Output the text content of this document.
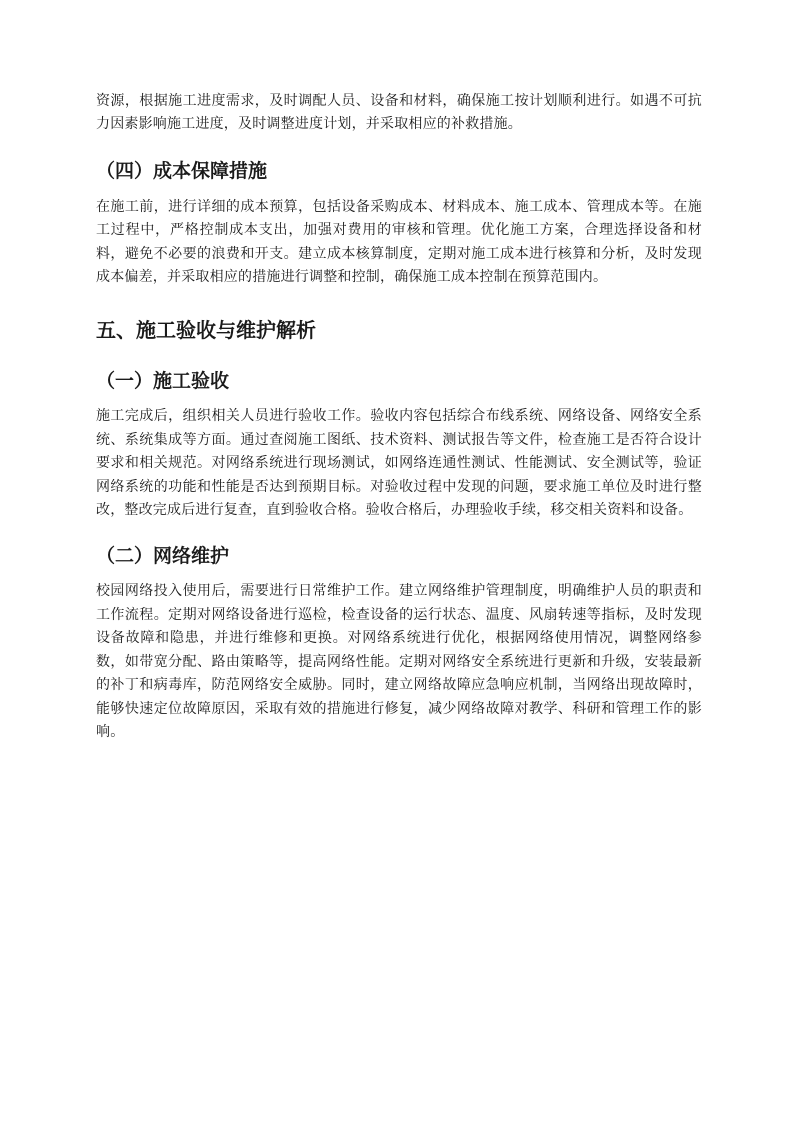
资源，根据施工进度需求，及时调配人员、设备和材料，确保施工按计划顺利进行。如遇不可抗力因素影响施工进度，及时调整进度计划，并采取相应的补救措施。

（四）成本保障措施

在施工前，进行详细的成本预算，包括设备采购成本、材料成本、施工成本、管理成本等。在施工过程中，严格控制成本支出，加强对费用的审核和管理。优化施工方案，合理选择设备和材料，避免不必要的浪费和开支。建立成本核算制度，定期对施工成本进行核算和分析，及时发现成本偏差，并采取相应的措施进行调整和控制，确保施工成本控制在预算范围内。

五、施工验收与维护解析
（一）施工验收

施工完成后，组织相关人员进行验收工作。验收内容包括综合布线系统、网络设备、网络安全系统、系统集成等方面。通过查阅施工图纸、技术资料、测试报告等文件，检查施工是否符合设计要求和相关规范。对网络系统进行现场测试，如网络连通性测试、性能测试、安全测试等，验证网络系统的功能和性能是否达到预期目标。对验收过程中发现的问题，要求施工单位及时进行整改，整改完成后进行复查，直到验收合格。验收合格后，办理验收手续，移交相关资料和设备。

（二）网络维护

校园网络投入使用后，需要进行日常维护工作。建立网络维护管理制度，明确维护人员的职责和工作流程。定期对网络设备进行巡检，检查设备的运行状态、温度、风扇转速等指标，及时发现设备故障和隐患，并进行维修和更换。对网络系统进行优化，根据网络使用情况，调整网络参数，如带宽分配、路由策略等，提高网络性能。定期对网络安全系统进行更新和升级，安装最新的补丁和病毒库，防范网络安全威胁。同时，建立网络故障应急响应机制，当网络出现故障时，能够快速定位故障原因，采取有效的措施进行修复，减少网络故障对教学、科研和管理工作的影响。
